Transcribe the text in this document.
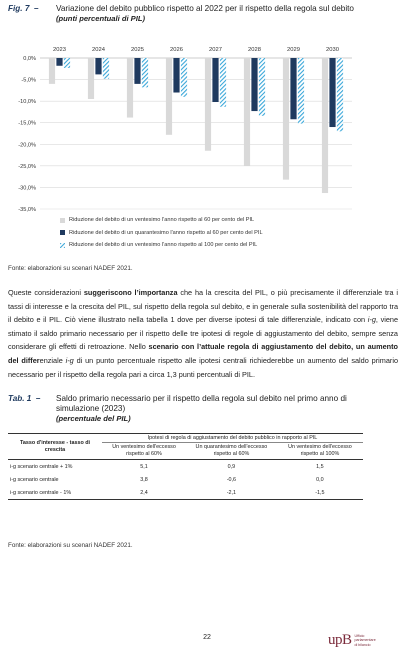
Fig. 7 – Variazione del debito pubblico rispetto al 2022 per il rispetto della regola sul debito
(punti percentuali di PIL)
0,0%
-5,0%
-10,0%
-15,0%
-20,0%
-25,0%
-30,0%
-35,0%
2023	2024	2025	2026	2027	2028	2029	2030
Riduzione del debito di un ventesimo l'anno rispetto al 60 per cento del PIL
Riduzione del debito di un quarantesimo l'anno rispetto al 60 per cento del PIL
Riduzione del debito di un ventesimo l'anno rispetto al 100 per cento del PIL
Fonte: elaborazioni su scenari NADEF 2021.

Queste considerazioni suggeriscono l’importanza che ha la crescita del PIL, o più precisamente il differenziale tra i tassi di interesse e la crescita del PIL, sul rispetto della regola sul debito, e in generale sulla sostenibilità del rapporto tra il debito e il PIL. Ciò viene illustrato nella tabella 1 dove per diverse ipotesi di tale differenziale, indicato con i-g, viene stimato il saldo primario necessario per il rispetto delle tre ipotesi di regole di aggiustamento del debito, sempre senza considerare gli effetti di retroazione. Nello scenario con l’attuale regola di aggiustamento del debito, un aumento del differenziale i-g di un punto percentuale rispetto alle ipotesi centrali richiederebbe un aumento del saldo primario necessario per il rispetto della regola pari a circa 1,3 punti percentuali di PIL.

Tab. 1 – Saldo primario necessario per il rispetto della regola sul debito nel primo anno di simulazione (2023)
(percentuale del PIL)
Tasso d'interesse - tasso di crescita	Ipotesi di regola di aggiustamento del debito pubblico in rapporto al PIL		
	Un ventesimo dell'eccesso rispetto al 60%	Un quarantesimo dell'eccesso rispetto al 60%	Un ventesimo dell'eccesso rispetto al 100%
i-g scenario centrale + 1%	5,1	0,9	1,5
i-g scenario centrale	3,8	-0,6	0,0
i-g scenario centrale - 1%	2,4	-2,1	-1,5
Fonte: elaborazioni su scenari NADEF 2021.
22	upB Ufficio
parlamentare
di bilancio
